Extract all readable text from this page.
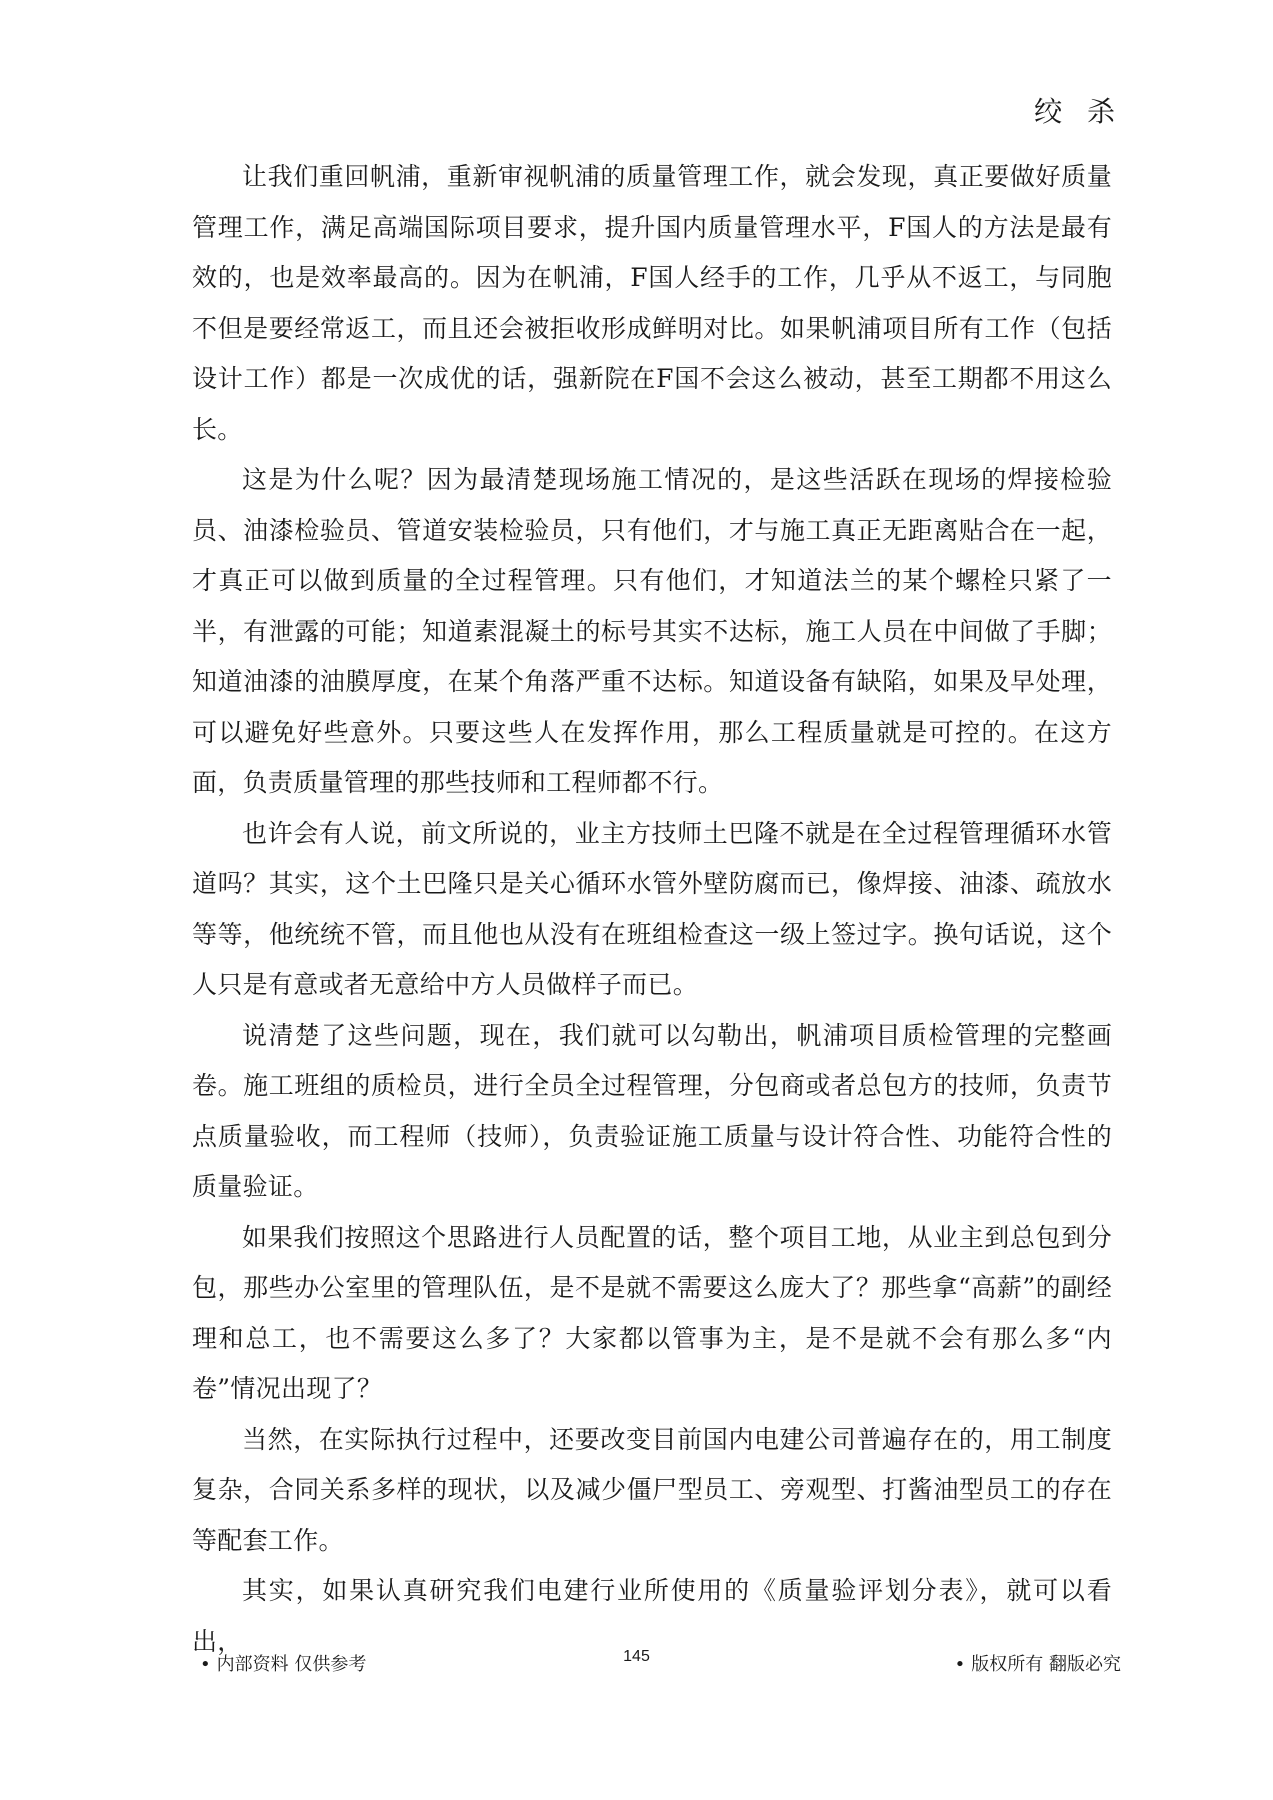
绞 杀

让我们重回帆浦，重新审视帆浦的质量管理工作，就会发现，真正要做好质量管理工作，满足高端国际项目要求，提升国内质量管理水平，F国人的方法是最有效的，也是效率最高的。因为在帆浦，F国人经手的工作，几乎从不返工，与同胞不但是要经常返工，而且还会被拒收形成鲜明对比。如果帆浦项目所有工作（包括设计工作）都是一次成优的话，强新院在F国不会这么被动，甚至工期都不用这么长。

这是为什么呢？因为最清楚现场施工情况的，是这些活跃在现场的焊接检验员、油漆检验员、管道安装检验员，只有他们，才与施工真正无距离贴合在一起，才真正可以做到质量的全过程管理。只有他们，才知道法兰的某个螺栓只紧了一半，有泄露的可能；知道素混凝土的标号其实不达标，施工人员在中间做了手脚；知道油漆的油膜厚度，在某个角落严重不达标。知道设备有缺陷，如果及早处理，可以避免好些意外。只要这些人在发挥作用，那么工程质量就是可控的。在这方面，负责质量管理的那些技师和工程师都不行。

也许会有人说，前文所说的，业主方技师土巴隆不就是在全过程管理循环水管道吗？其实，这个土巴隆只是关心循环水管外壁防腐而已，像焊接、油漆、疏放水等等，他统统不管，而且他也从没有在班组检查这一级上签过字。换句话说，这个人只是有意或者无意给中方人员做样子而已。

说清楚了这些问题，现在，我们就可以勾勒出，帆浦项目质检管理的完整画卷。施工班组的质检员，进行全员全过程管理，分包商或者总包方的技师，负责节点质量验收，而工程师（技师），负责验证施工质量与设计符合性、功能符合性的质量验证。

如果我们按照这个思路进行人员配置的话，整个项目工地，从业主到总包到分包，那些办公室里的管理队伍，是不是就不需要这么庞大了？那些拿“高薪”的副经理和总工，也不需要这么多了？大家都以管事为主，是不是就不会有那么多“内卷”情况出现了？

当然，在实际执行过程中，还要改变目前国内电建公司普遍存在的，用工制度复杂，合同关系多样的现状，以及减少僵尸型员工、旁观型、打酱油型员工的存在等配套工作。

其实，如果认真研究我们电建行业所使用的《质量验评划分表》，就可以看出，

• 内部资料 仅供参考	145	• 版权所有 翻版必究
